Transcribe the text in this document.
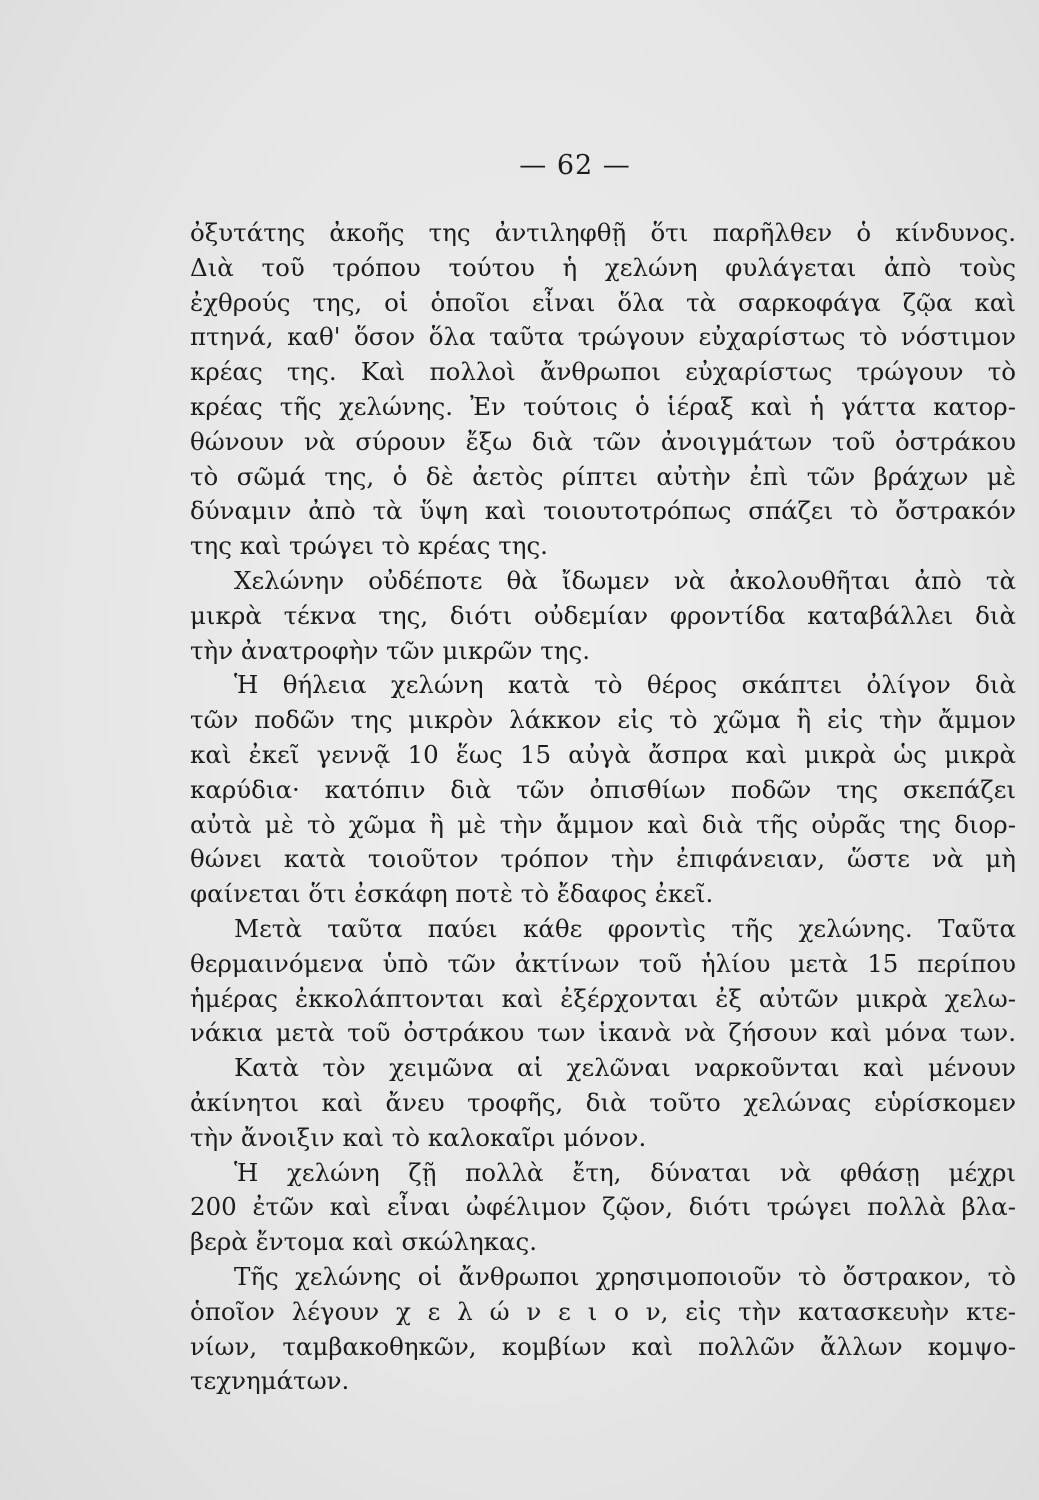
— 62 —
ὀξυτάτης ἀκοῆς της ἀντιληφθῇ ὅτι παρῆλθεν ὁ κίνδυνος.
Διὰ τοῦ τρόπου τούτου ἡ χελώνη φυλάγεται ἀπὸ τοὺς
ἐχθρούς της, οἱ ὁποῖοι εἶναι ὅλα τὰ σαρκοφάγα ζῷα καὶ
πτηνά, καθ' ὅσον ὅλα ταῦτα τρώγουν εὐχαρίστως τὸ νόστιμον
κρέας της. Καὶ πολλοὶ ἄνθρωποι εὐχαρίστως τρώγουν τὸ
κρέας τῆς χελώνης. Ἐν τούτοις ὁ ἱέραξ καὶ ἡ γάττα κατορ-
θώνουν νὰ σύρουν ἔξω διὰ τῶν ἀνοιγμάτων τοῦ ὀστράκου
τὸ σῶμά της, ὁ δὲ ἀετὸς ρίπτει αὐτὴν ἐπὶ τῶν βράχων μὲ
δύναμιν ἀπὸ τὰ ὕψη καὶ τοιουτοτρόπως σπάζει τὸ ὄστρακόν
της καὶ τρώγει τὸ κρέας της.
Χελώνην οὐδέποτε θὰ ἴδωμεν νὰ ἀκολουθῆται ἀπὸ τὰ
μικρὰ τέκνα της, διότι οὐδεμίαν φροντίδα καταβάλλει διὰ
τὴν ἀνατροφὴν τῶν μικρῶν της.
Ἡ θήλεια χελώνη κατὰ τὸ θέρος σκάπτει ὀλίγον διὰ
τῶν ποδῶν της μικρὸν λάκκον εἰς τὸ χῶμα ἢ εἰς τὴν ἄμμον
καὶ ἐκεῖ γεννᾷ 10 ἕως 15 αὐγὰ ἄσπρα καὶ μικρὰ ὡς μικρὰ
καρύδια· κατόπιν διὰ τῶν ὀπισθίων ποδῶν της σκεπάζει
αὐτὰ μὲ τὸ χῶμα ἢ μὲ τὴν ἄμμον καὶ διὰ τῆς οὐρᾶς της διορ-
θώνει κατὰ τοιοῦτον τρόπον τὴν ἐπιφάνειαν, ὥστε νὰ μὴ
φαίνεται ὅτι ἐσκάφη ποτὲ τὸ ἔδαφος ἐκεῖ.
Μετὰ ταῦτα παύει κάθε φροντὶς τῆς χελώνης. Ταῦτα
θερμαινόμενα ὑπὸ τῶν ἀκτίνων τοῦ ἡλίου μετὰ 15 περίπου
ἡμέρας ἐκκολάπτονται καὶ ἐξέρχονται ἐξ αὐτῶν μικρὰ χελω-
νάκια μετὰ τοῦ ὀστράκου των ἱκανὰ νὰ ζήσουν καὶ μόνα των.
Κατὰ τὸν χειμῶνα αἱ χελῶναι ναρκοῦνται καὶ μένουν
ἀκίνητοι καὶ ἄνευ τροφῆς, διὰ τοῦτο χελώνας εὑρίσκομεν
τὴν ἄνοιξιν καὶ τὸ καλοκαῖρι μόνον.
Ἡ χελώνη ζῇ πολλὰ ἔτη, δύναται νὰ φθάσῃ μέχρι
200 ἐτῶν καὶ εἶναι ὠφέλιμον ζῷον, διότι τρώγει πολλὰ βλα-
βερὰ ἔντομα καὶ σκώληκας.
Τῆς χελώνης οἱ ἄνθρωποι χρησιμοποιοῦν τὸ ὄστρακον, τὸ
ὁποῖον λέγουν χ ε λ ώ ν ε ι ο ν, εἰς τὴν κατασκευὴν κτε-
νίων, ταμβακοθηκῶν, κομβίων καὶ πολλῶν ἄλλων κομψο-
τεχνημάτων.
